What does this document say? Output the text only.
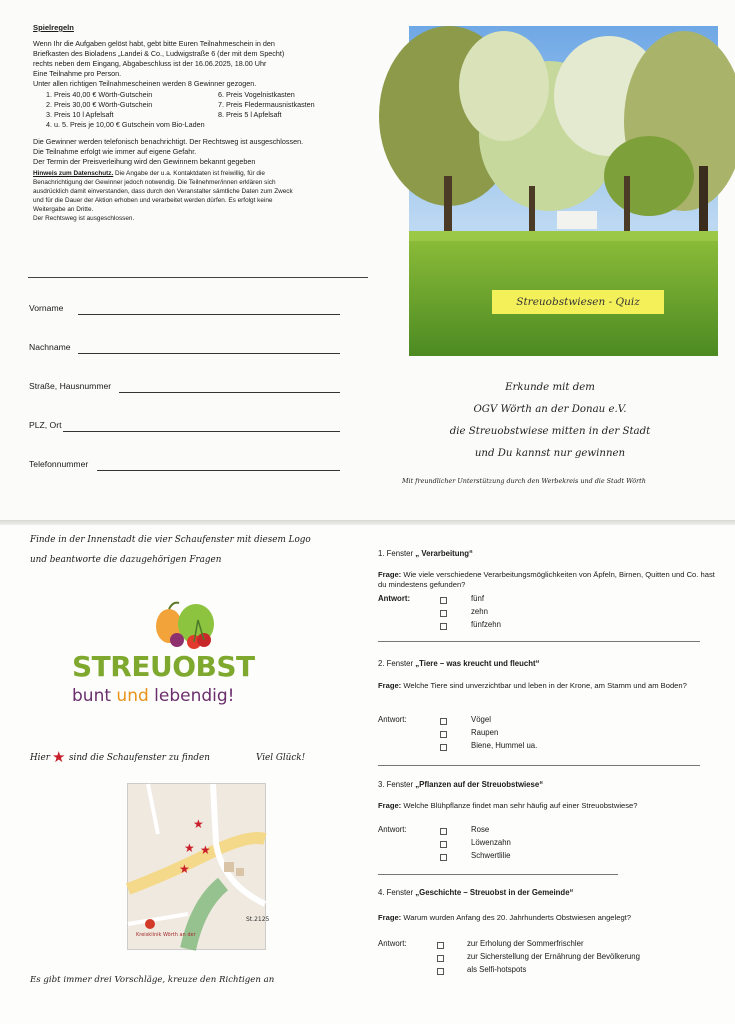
Spielregeln
Wenn Ihr die Aufgaben gelöst habt, gebt bitte Euren Teilnahmeschein in den
Briefkasten des Bioladens „Landei & Co., Ludwigstraße 6 (der mit dem Specht)
rechts neben dem Eingang, Abgabeschluss ist der 16.06.2025, 18.00 Uhr
Eine Teilnahme pro Person.
Unter allen richtigen Teilnahmescheinen werden 8 Gewinner gezogen.
1. Preis 40,00 € Wörth-Gutschein
2. Preis 30,00 € Wörth-Gutschein
3. Preis 10 l Apfelsaft
4. u. 5. Preis je 10,00 € Gutschein vom Bio-Laden
6. Preis Vogelnistkasten
7. Preis Fledermausnistkasten
8. Preis 5 l Apfelsaft
Die Gewinner werden telefonisch benachrichtigt. Der Rechtsweg ist ausgeschlossen.
Die Teilnahme erfolgt wie immer auf eigene Gefahr.
Der Termin der Preisverleihung wird den Gewinnern bekannt gegeben
Hinweis zum Datenschutz. Die Angabe der u.a. Kontaktdaten ist freiwillig, für die
Benachrichtigung der Gewinner jedoch notwendig. Die Teilnehmer/innen erklären sich
ausdrücklich damit einverstanden, dass durch den Veranstalter sämtliche Daten zum Zweck
und für die Dauer der Aktion erhoben und verarbeitet werden dürfen. Es erfolgt keine
Weitergabe an Dritte.
Der Rechtsweg ist ausgeschlossen.
Vorname
Nachname
Straße, Hausnummer
PLZ, Ort
Telefonnummer
Streuobstwiesen - Quiz
Erkunde mit dem
OGV Wörth an der Donau e.V.
die Streuobstwiese mitten in der Stadt
und Du kannst nur gewinnen
Mit freundlicher Unterstützung durch den Werbekreis und die Stadt Wörth
Finde in der Innenstadt die vier Schaufenster mit diesem Logo
und beantworte die dazugehörigen Fragen
STREUOBST
bunt und lebendig!
Hier ★ sind die Schaufenster zu finden	Viel Glück!
St.2125
Kreisklinik Wörth an der
★
★ ★
★
Es gibt immer drei Vorschläge, kreuze den Richtigen an
1. Fenster „ Verarbeitung“
Frage: Wie viele verschiedene Verarbeitungsmöglichkeiten von Äpfeln, Birnen, Quitten und Co. hast du mindestens gefunden?
Antwort:	fünf
zehn
fünfzehn
2. Fenster „Tiere – was kreucht und fleucht“
Frage: Welche Tiere sind unverzichtbar und leben in der Krone, am Stamm und am Boden?
Antwort:	Vögel
Raupen
Biene, Hummel ua.
3. Fenster „Pflanzen auf der Streuobstwiese“
Frage: Welche Blühpflanze findet man sehr häufig auf einer Streuobstwiese?
Antwort:	Rose
Löwenzahn
Schwertlilie
4. Fenster „Geschichte – Streuobst in der Gemeinde“
Frage: Warum wurden Anfang des 20. Jahrhunderts Obstwiesen angelegt?
Antwort:	zur Erholung der Sommerfrischler
zur Sicherstellung der Ernährung der Bevölkerung
als Selfi-hotspots
